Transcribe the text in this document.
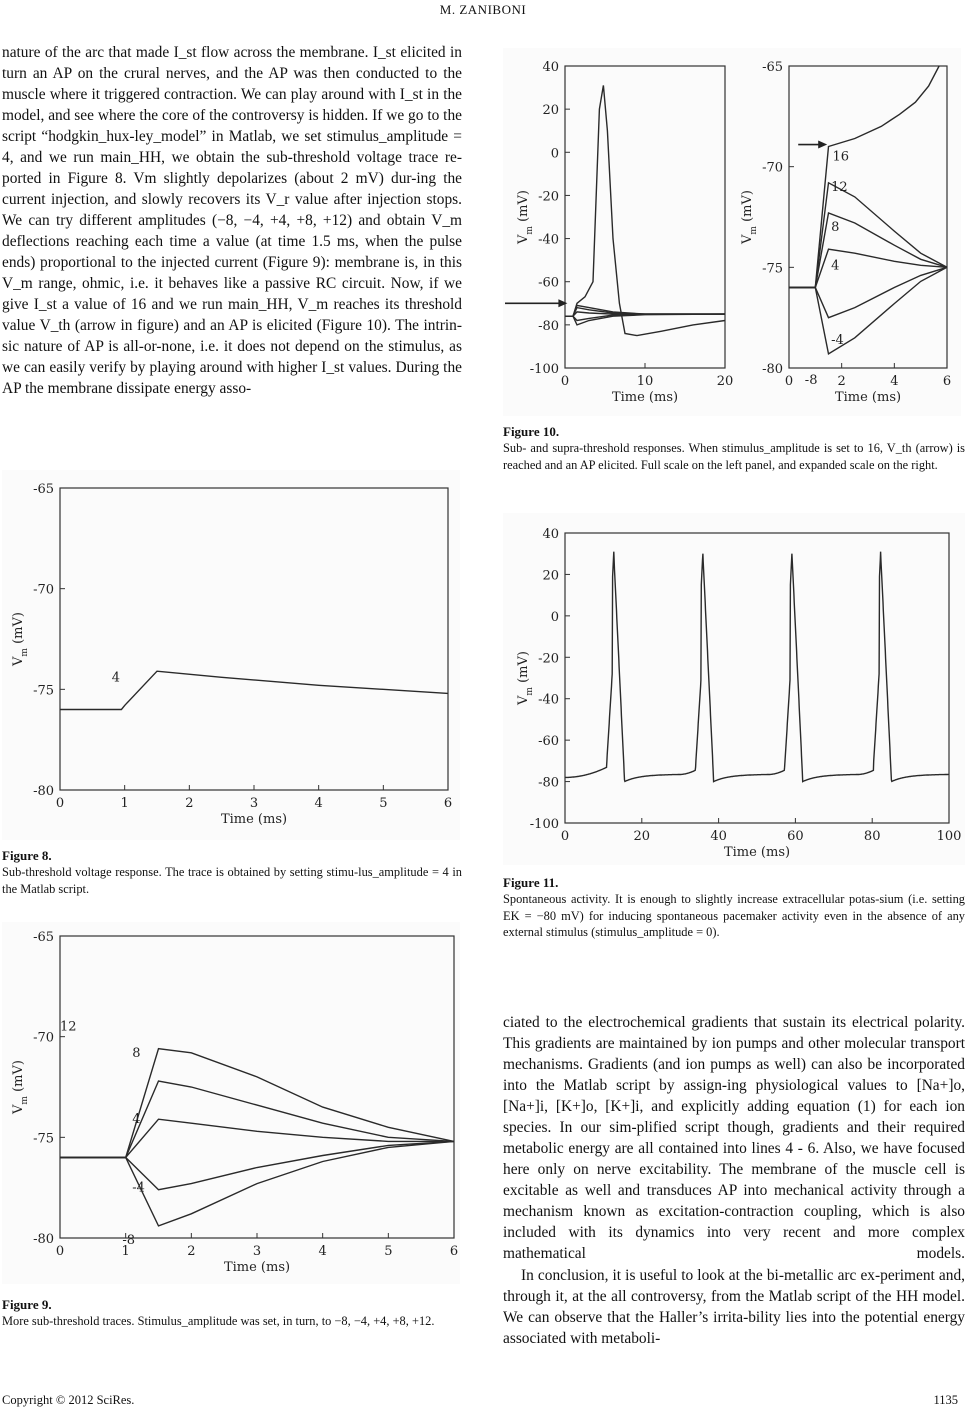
M. ZANIBONI

nature of the arc that made I_st flow across the membrane. I_st elicited in turn an AP on the crural nerves, and the AP was then conducted to the muscle where it triggered contraction. We can play around with I_st in the model, and see where the core of the controversy is hidden. If we go to the script “hodgkin_hux-ley_model” in Matlab, we set stimulus_amplitude = 4, and we run main_HH, we obtain the sub-threshold voltage trace re-ported in Figure 8. Vm slightly depolarizes (about 2 mV) dur-ing the current injection, and slowly recovers its V_r value after injection stops. We can try different amplitudes (−8, −4, +4, +8, +12) and obtain V_m deflections reaching each time a value (at time 1.5 ms, when the pulse ends) proportional to the injected current (Figure 9): membrane is, in this V_m range, ohmic, i.e. it behaves like a passive RC circuit. Now, if we give I_st a value of 16 and we run main_HH, V_m reaches its threshold value V_th (arrow in figure) and an AP is elicited (Figure 10). The intrin-sic nature of AP is all-or-none, i.e. it does not depend on the stimulus, as we can easily verify by playing around with higher I_st values. During the AP the membrane dissipate energy asso-

0	1	2	3	4	5	6
-65
-70
-75
-80
Time (ms)
$V_m$ (mV)
4
Figure 8.
Sub-threshold voltage response. The trace is obtained by setting stimu-lus_amplitude = 4 in the Matlab script.
0	1	2	3	4	5	6
-65
-70
-75
-80
Time (ms)
$V_m$ (mV)
12
8
4
-4
-8
Figure 9.
More sub-threshold traces. Stimulus_amplitude was set, in turn, to −8, −4, +4, +8, +12.
0	10	20
40
20
0
-20
-40
-60
-80
-100
Time (ms)
$V_m$ (mV)
0	2	4	6
-65
-70
-75
-80
Time (ms)
$V_m$ (mV)
16
12
8
4
-4
-8
Figure 10.
Sub- and supra-threshold responses. When stimulus_amplitude is set to 16, V_th (arrow) is reached and an AP elicited. Full scale on the left panel, and expanded scale on the right.
0	20	40	60	80	100
40
20
0
-20
-40
-60
-80
-100
Time (ms)
$V_m$ (mV)
Figure 11.
Spontaneous activity. It is enough to slightly increase extracellular potas-sium (i.e. setting EK = −80 mV) for inducing spontaneous pacemaker activity even in the absence of any external stimulus (stimulus_amplitude = 0).

ciated to the electrochemical gradients that sustain its electrical polarity. This gradients are maintained by ion pumps and other molecular transport mechanisms. Gradients (and ion pumps as well) can also be incorporated into the Matlab script by assign-ing physiological values to [Na+]o, [Na+]i, [K+]o, [K+]i, and explicitly adding equation (1) for each ion species. In our sim-plified script though, gradients and their required metabolic energy are all contained into lines 4 - 6. Also, we have focused here only on nerve excitability. The membrane of the muscle cell is excitable as well and transduces AP into mechanical activity through a mechanism known as excitation-contraction coupling, which is also included with its dynamics into very recent and more complex mathematical models.

In conclusion, it is useful to look at the bi-metallic arc ex-periment and, through it, at the all controversy, from the Matlab script of the HH model. We can observe that the Haller’s irrita-bility lies into the potential energy associated with metaboli-

Copyright © 2012 SciRes.	1135
